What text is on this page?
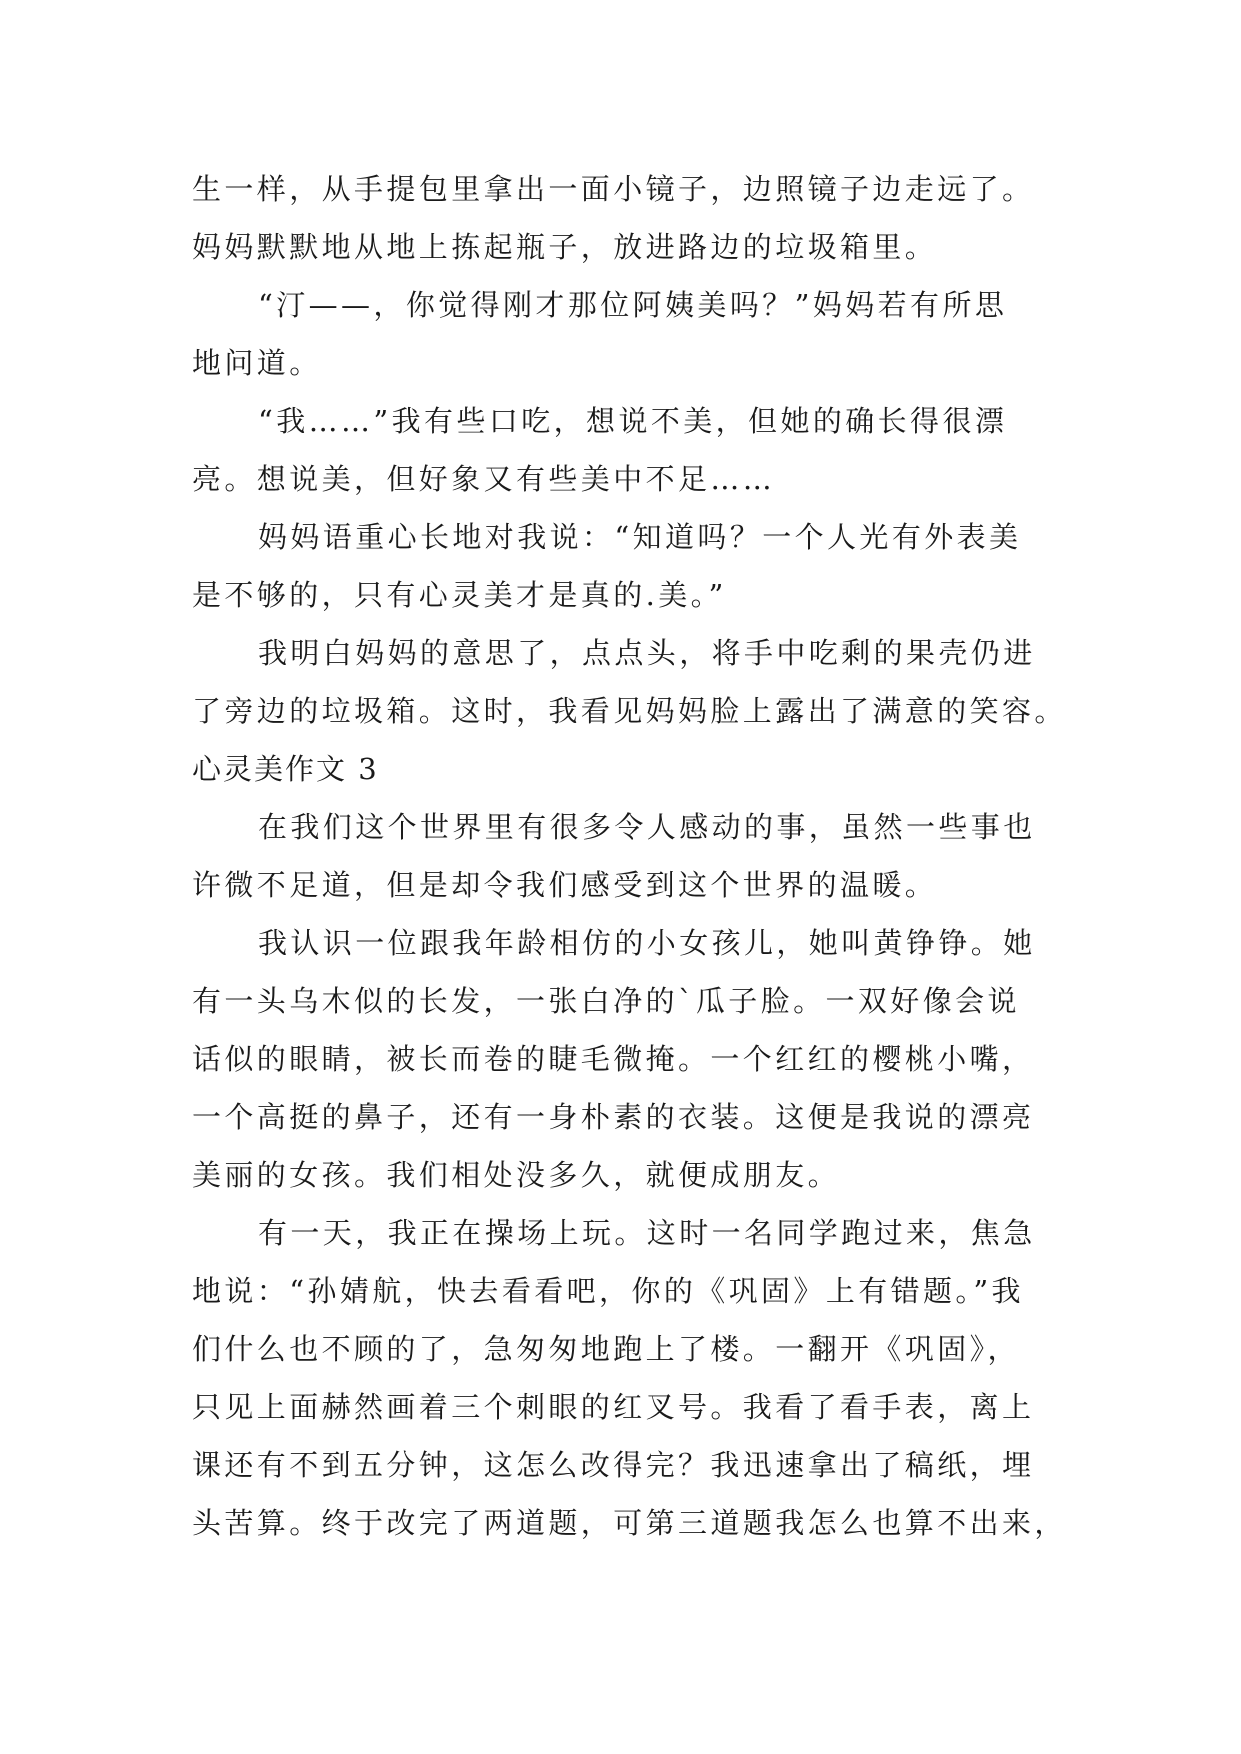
生一样，从手提包里拿出一面小镜子，边照镜子边走远了。
妈妈默默地从地上拣起瓶子，放进路边的垃圾箱里。
“汀——，你觉得刚才那位阿姨美吗？”妈妈若有所思
地问道。
“我……”我有些口吃，想说不美，但她的确长得很漂
亮。想说美，但好象又有些美中不足……
妈妈语重心长地对我说：“知道吗？一个人光有外表美
是不够的，只有心灵美才是真的.美。”
我明白妈妈的意思了，点点头，将手中吃剩的果壳仍进
了旁边的垃圾箱。这时，我看见妈妈脸上露出了满意的笑容。
心灵美作文 3
在我们这个世界里有很多令人感动的事，虽然一些事也
许微不足道，但是却令我们感受到这个世界的温暖。
我认识一位跟我年龄相仿的小女孩儿，她叫黄铮铮。她
有一头乌木似的长发，一张白净的`瓜子脸。一双好像会说
话似的眼睛，被长而卷的睫毛微掩。一个红红的樱桃小嘴，
一个高挺的鼻子，还有一身朴素的衣装。这便是我说的漂亮
美丽的女孩。我们相处没多久，就便成朋友。
有一天，我正在操场上玩。这时一名同学跑过来，焦急
地说：“孙婧航，快去看看吧，你的《巩固》上有错题。”我
们什么也不顾的了，急匆匆地跑上了楼。一翻开《巩固》，
只见上面赫然画着三个刺眼的红叉号。我看了看手表，离上
课还有不到五分钟，这怎么改得完？我迅速拿出了稿纸，埋
头苦算。终于改完了两道题，可第三道题我怎么也算不出来，
